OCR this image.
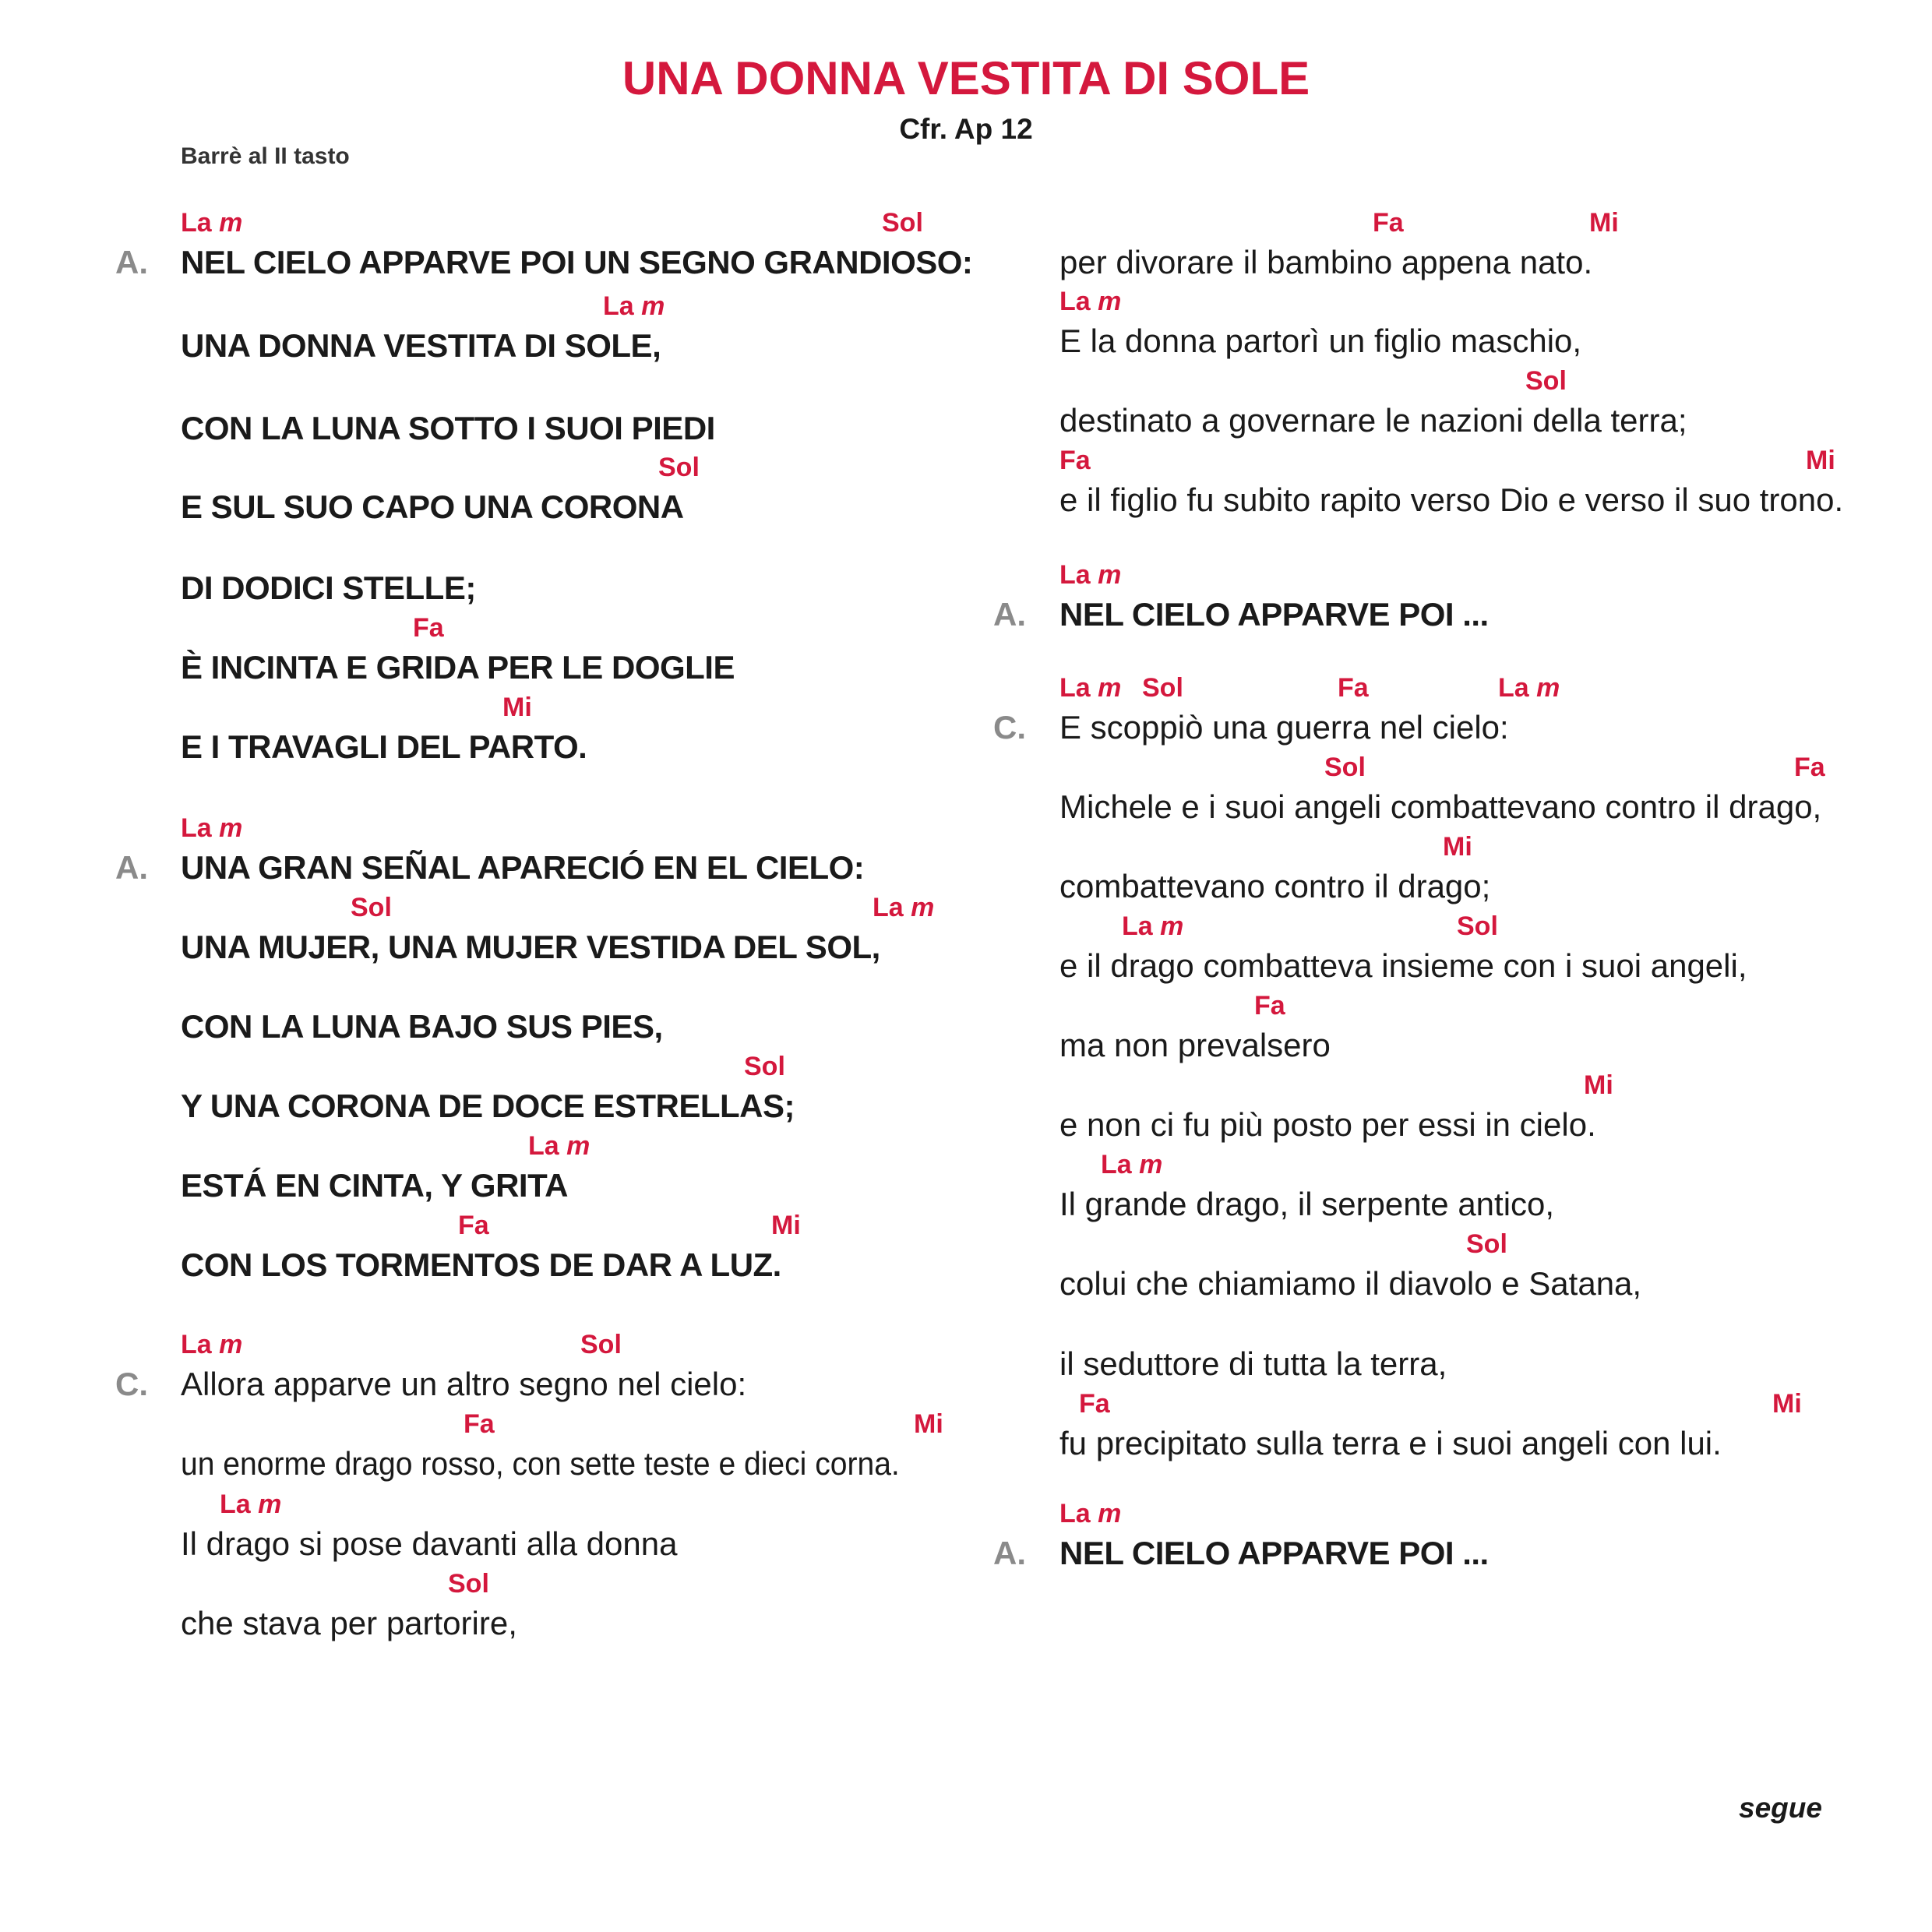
UNA DONNA VESTITA DI SOLE
Cfr. Ap 12
Barrè al II tasto
NEL CIELO APPARVE POI UN SEGNO GRANDIOSO:
La m	Sol
UNA DONNA VESTITA DI SOLE,
La m
CON LA LUNA SOTTO I SUOI PIEDI
E SUL SUO CAPO UNA CORONA
Sol
DI DODICI STELLE;
È INCINTA E GRIDA PER LE DOGLIE
Fa
E I TRAVAGLI DEL PARTO.
Mi
UNA GRAN SEÑAL APARECIÓ EN EL CIELO:
La m
UNA MUJER, UNA MUJER VESTIDA DEL SOL,
Sol	La m
CON LA LUNA BAJO SUS PIES,
Y UNA CORONA DE DOCE ESTRELLAS;
Sol
ESTÁ EN CINTA, Y GRITA
La m
CON LOS TORMENTOS DE DAR A LUZ.
Fa	Mi
Allora apparve un altro segno nel cielo:
La m	Sol
un enorme drago rosso, con sette teste e dieci corna.
Fa	Mi
Il drago si pose davanti alla donna
La m
che stava per partorire,
Sol
A.
A.
C.
per divorare il bambino appena nato.
Fa	Mi
E la donna partorì un figlio maschio,
La m
destinato a governare le nazioni della terra;
Sol
e il figlio fu subito rapito verso Dio e verso il suo trono.
Fa	Mi
NEL CIELO APPARVE POI ...
La m
E scoppiò una guerra nel cielo:
La m Sol	Fa	La m
Michele e i suoi angeli combattevano contro il drago,
Sol	Fa
combattevano contro il drago;
Mi
e il drago combatteva insieme con i suoi angeli,
La m	Sol
ma non prevalsero
Fa
e non ci fu più posto per essi in cielo.
Mi
Il grande drago, il serpente antico,
La m
colui che chiamiamo il diavolo e Satana,
Sol
il seduttore di tutta la terra,
fu precipitato sulla terra e i suoi angeli con lui.
Fa	Mi
NEL CIELO APPARVE POI ...
La m
A.
C.
A.
segue
